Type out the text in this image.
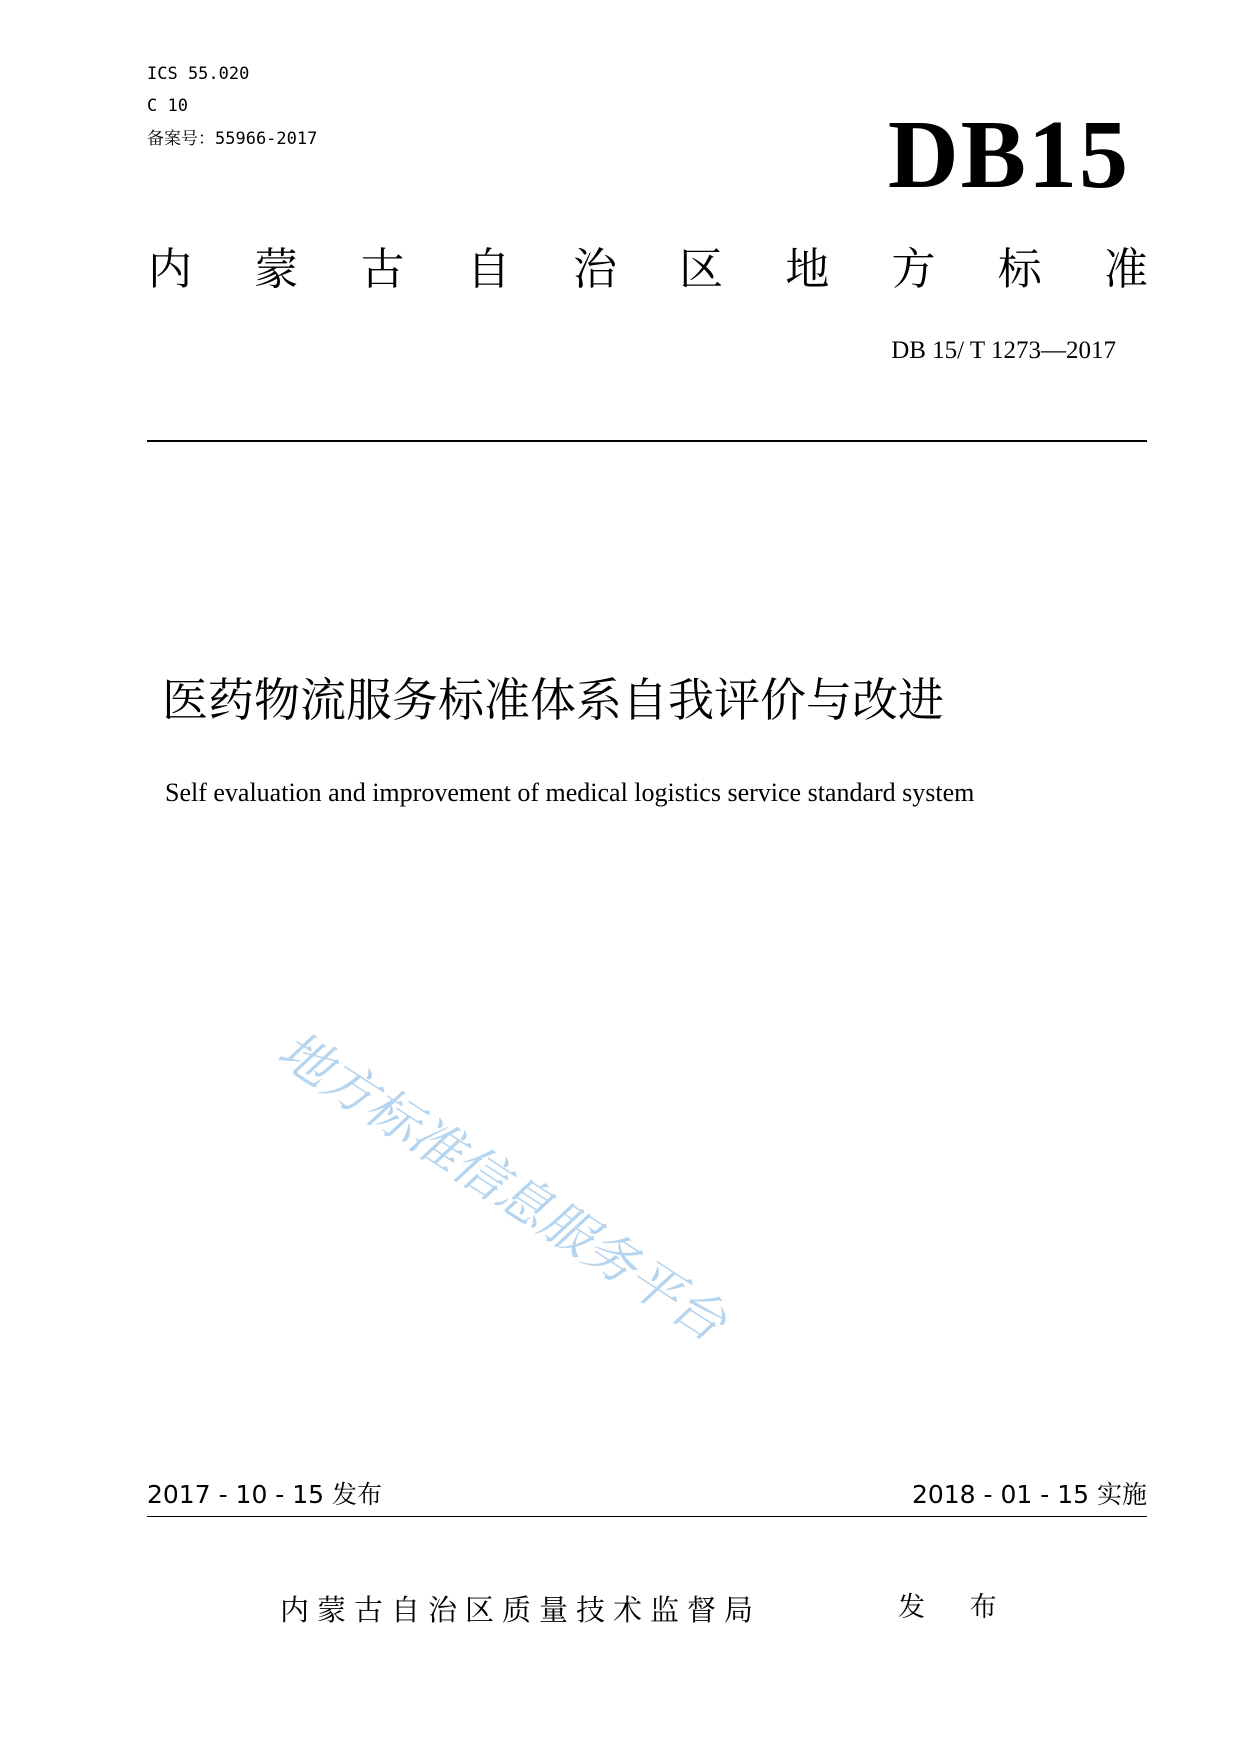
ICS 55.020
C 10
备案号：55966-2017	DB15
内 蒙 古 自 治 区 地 方 标 准
DB 15/ T 1273—2017
医药物流服务标准体系自我评价与改进
Self evaluation and improvement of medical logistics service standard system
地方标准信息服务平台
2017 - 10 - 15 发布	2018 - 01 - 15 实施
内蒙古自治区质量技术监督局	发 布
